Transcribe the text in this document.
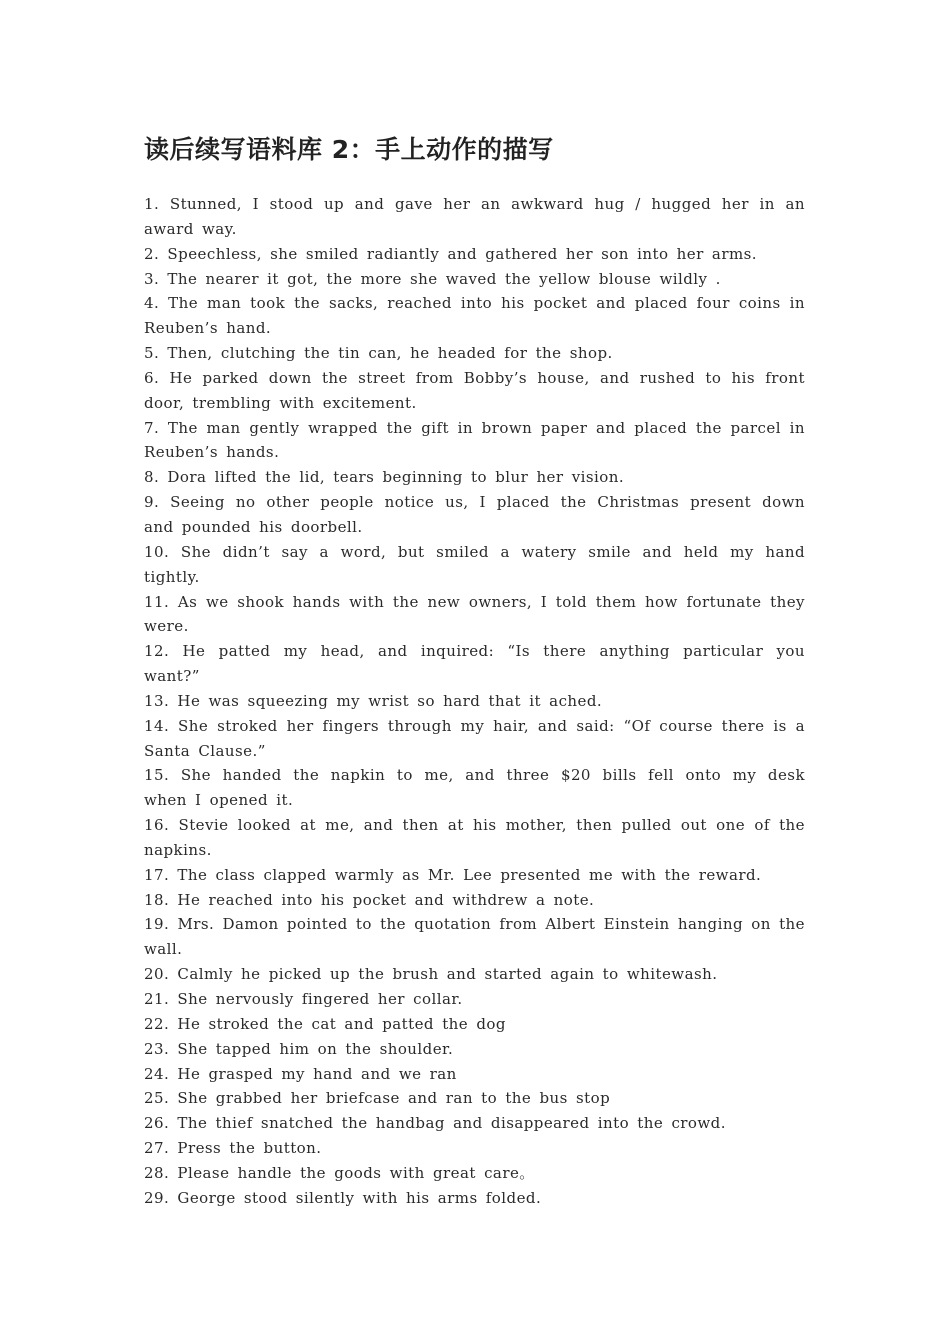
读后续写语料库 2：手上动作的描写
1. Stunned, I stood up and gave her an awkward hug / hugged her in an award way.
2. Speechless, she smiled radiantly and gathered her son into her arms.
3. The nearer it got, the more she waved the yellow blouse wildly .
4. The man took the sacks, reached into his pocket and placed four coins in Reuben’s hand.
5. Then, clutching the tin can, he headed for the shop.
6. He parked down the street from Bobby’s house, and rushed to his front door, trembling with excitement.
7. The man gently wrapped the gift in brown paper and placed the parcel in Reuben’s hands.
8. Dora lifted the lid, tears beginning to blur her vision.
9. Seeing no other people notice us, I placed the Christmas present down and pounded his doorbell.
10. She didn’t say a word, but smiled a watery smile and held my hand tightly.
11. As we shook hands with the new owners, I told them how fortunate they were.
12. He patted my head, and inquired: “Is there anything particular you want?”
13. He was squeezing my wrist so hard that it ached.
14. She stroked her fingers through my hair, and said: “Of course there is a Santa Clause.”
15. She handed the napkin to me, and three $20 bills fell onto my desk when I opened it.
16. Stevie looked at me, and then at his mother, then pulled out one of the napkins.
17. The class clapped warmly as Mr. Lee presented me with the reward.
18. He reached into his pocket and withdrew a note.
19. Mrs. Damon pointed to the quotation from Albert Einstein hanging on the wall.
20. Calmly he picked up the brush and started again to whitewash.
21. She nervously fingered her collar.
22. He stroked the cat and patted the dog
23. She tapped him on the shoulder.
24. He grasped my hand and we ran
25. She grabbed her briefcase and ran to the bus stop
26. The thief snatched the handbag and disappeared into the crowd.
27. Press the button.
28. Please handle the goods with great care。
29. George stood silently with his arms folded.
